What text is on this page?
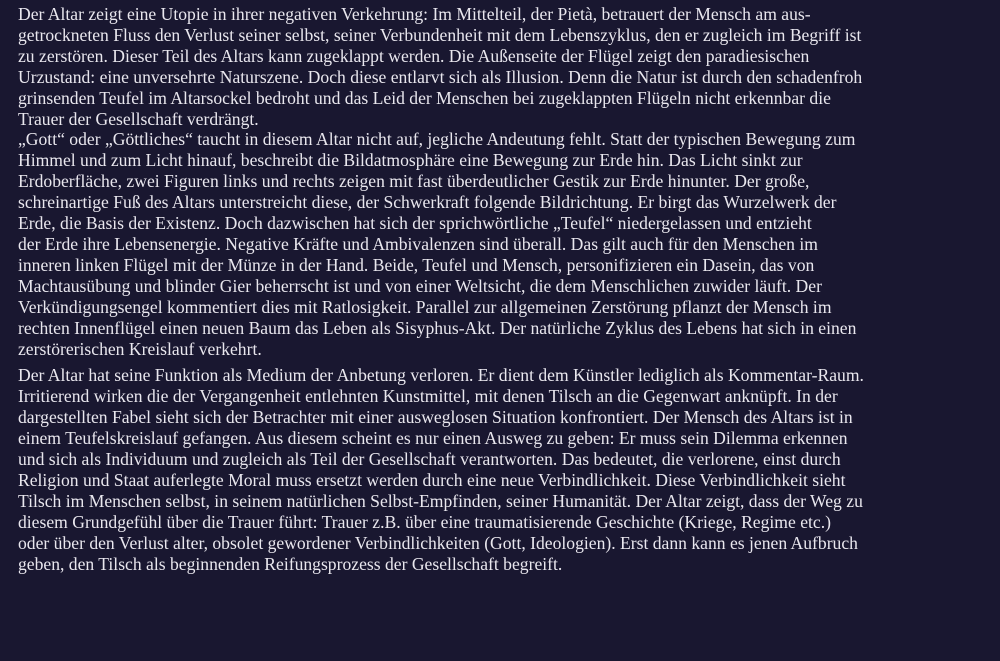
Der Altar zeigt eine Utopie in ihrer negativen Verkehrung: Im Mittelteil, der Pietà, betrauert der Mensch am aus-
getrockneten Fluss den Verlust seiner selbst, seiner Verbundenheit mit dem Lebenszyklus, den er zugleich im Begriff ist
zu zerstören. Dieser Teil des Altars kann zugeklappt werden. Die Außenseite der Flügel zeigt den paradiesischen
Urzustand: eine unversehrte Naturszene. Doch diese entlarvt sich als Illusion. Denn die Natur ist durch den schadenfroh
grinsenden Teufel im Altarsockel bedroht und das Leid der Menschen bei zugeklappten Flügeln nicht erkennbar die
Trauer der Gesellschaft verdrängt.

„Gott“ oder „Göttliches“ taucht in diesem Altar nicht auf, jegliche Andeutung fehlt. Statt der typischen Bewegung zum
Himmel und zum Licht hinauf, beschreibt die Bildatmosphäre eine Bewegung zur Erde hin. Das Licht sinkt zur
Erdoberfläche, zwei Figuren links und rechts zeigen mit fast überdeutlicher Gestik zur Erde hinunter. Der große,
schreinartige Fuß des Altars unterstreicht diese, der Schwerkraft folgende Bildrichtung. Er birgt das Wurzelwerk der
Erde, die Basis der Existenz. Doch dazwischen hat sich der sprichwörtliche „Teufel“ niedergelassen und entzieht
der Erde ihre Lebensenergie. Negative Kräfte und Ambivalenzen sind überall. Das gilt auch für den Menschen im
inneren linken Flügel mit der Münze in der Hand. Beide, Teufel und Mensch, personifizieren ein Dasein, das von
Machtausübung und blinder Gier beherrscht ist und von einer Weltsicht, die dem Menschlichen zuwider läuft. Der
Verkündigungsengel kommentiert dies mit Ratlosigkeit. Parallel zur allgemeinen Zerstörung pflanzt der Mensch im
rechten Innenflügel einen neuen Baum das Leben als Sisyphus-Akt. Der natürliche Zyklus des Lebens hat sich in einen
zerstörerischen Kreislauf verkehrt.

Der Altar hat seine Funktion als Medium der Anbetung verloren. Er dient dem Künstler lediglich als Kommentar-Raum.
Irritierend wirken die der Vergangenheit entlehnten Kunstmittel, mit denen Tilsch an die Gegenwart anknüpft. In der
dargestellten Fabel sieht sich der Betrachter mit einer ausweglosen Situation konfrontiert. Der Mensch des Altars ist in
einem Teufelskreislauf gefangen. Aus diesem scheint es nur einen Ausweg zu geben: Er muss sein Dilemma erkennen
und sich als Individuum und zugleich als Teil der Gesellschaft verantworten. Das bedeutet, die verlorene, einst durch
Religion und Staat auferlegte Moral muss ersetzt werden durch eine neue Verbindlichkeit. Diese Verbindlichkeit sieht
Tilsch im Menschen selbst, in seinem natürlichen Selbst-Empfinden, seiner Humanität. Der Altar zeigt, dass der Weg zu
diesem Grundgefühl über die Trauer führt: Trauer z.B. über eine traumatisierende Geschichte (Kriege, Regime etc.)
oder über den Verlust alter, obsolet gewordener Verbindlichkeiten (Gott, Ideologien). Erst dann kann es jenen Aufbruch
geben, den Tilsch als beginnenden Reifungsprozess der Gesellschaft begreift.
